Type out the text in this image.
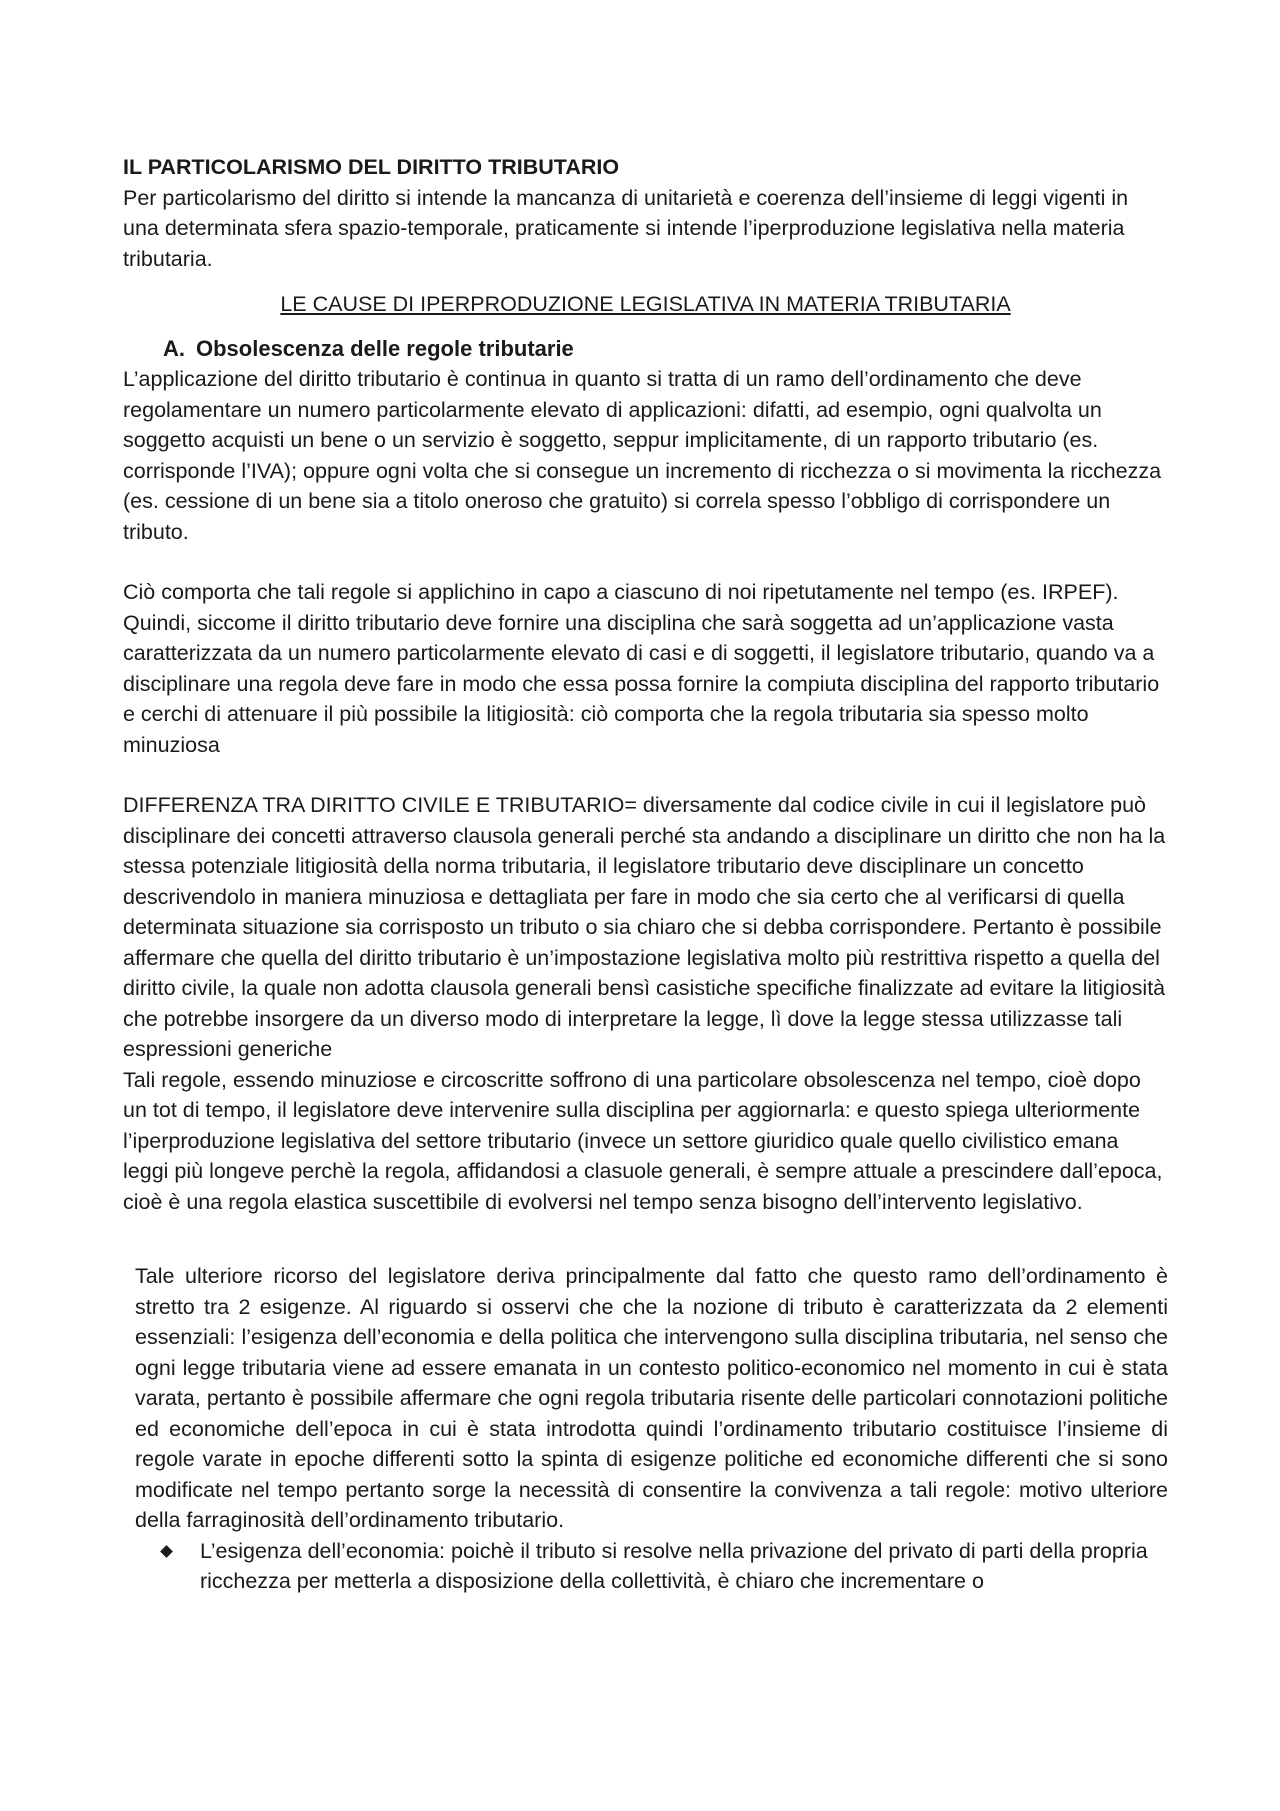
IL PARTICOLARISMO DEL DIRITTO TRIBUTARIO

Per particolarismo del diritto si intende la mancanza di unitarietà e coerenza dell’insieme di leggi vigenti in una determinata sfera spazio-temporale, praticamente si intende l’iperproduzione legislativa nella materia tributaria.

LE CAUSE DI IPERPRODUZIONE LEGISLATIVA IN MATERIA TRIBUTARIA

A. Obsolescenza delle regole tributarie

L’applicazione del diritto tributario è continua in quanto si tratta di un ramo dell’ordinamento che deve regolamentare un numero particolarmente elevato di applicazioni: difatti, ad esempio, ogni qualvolta un soggetto acquisti un bene o un servizio è soggetto, seppur implicitamente, di un rapporto tributario (es. corrisponde l’IVA); oppure ogni volta che si consegue un incremento di ricchezza o si movimenta la ricchezza (es. cessione di un bene sia a titolo oneroso che gratuito) si correla spesso l’obbligo di corrispondere un tributo.

Ciò comporta che tali regole si applichino in capo a ciascuno di noi ripetutamente nel tempo (es. IRPEF). Quindi, siccome il diritto tributario deve fornire una disciplina che sarà soggetta ad un’applicazione vasta caratterizzata da un numero particolarmente elevato di casi e di soggetti, il legislatore tributario, quando va a disciplinare una regola deve fare in modo che essa possa fornire la compiuta disciplina del rapporto tributario e cerchi di attenuare il più possibile la litigiosità: ciò comporta che la regola tributaria sia spesso molto minuziosa

DIFFERENZA TRA DIRITTO CIVILE E TRIBUTARIO= diversamente dal codice civile in cui il legislatore può disciplinare dei concetti attraverso clausola generali perché sta andando a disciplinare un diritto che non ha la stessa potenziale litigiosità della norma tributaria, il legislatore tributario deve disciplinare un concetto descrivendolo in maniera minuziosa e dettagliata per fare in modo che sia certo che al verificarsi di quella determinata situazione sia corrisposto un tributo o sia chiaro che si debba corrispondere. Pertanto è possibile affermare che quella del diritto tributario è un’impostazione legislativa molto più restrittiva rispetto a quella del diritto civile, la quale non adotta clausola generali bensì casistiche specifiche finalizzate ad evitare la litigiosità che potrebbe insorgere da un diverso modo di interpretare la legge, lì dove la legge stessa utilizzasse tali espressioni generiche

Tali regole, essendo minuziose e circoscritte soffrono di una particolare obsolescenza nel tempo, cioè dopo un tot di tempo, il legislatore deve intervenire sulla disciplina per aggiornarla: e questo spiega ulteriormente l’iperproduzione legislativa del settore tributario (invece un settore giuridico quale quello civilistico emana leggi più longeve perchè la regola, affidandosi a clasuole generali, è sempre attuale a prescindere dall’epoca, cioè è una regola elastica suscettibile di evolversi nel tempo senza bisogno dell’intervento legislativo.

Tale ulteriore ricorso del legislatore deriva principalmente dal fatto che questo ramo dell’ordinamento è stretto tra 2 esigenze. Al riguardo si osservi che che la nozione di tributo è caratterizzata da 2 elementi essenziali: l’esigenza dell’economia e della politica che intervengono sulla disciplina tributaria, nel senso che ogni legge tributaria viene ad essere emanata in un contesto politico-economico nel momento in cui è stata varata, pertanto è possibile affermare che ogni regola tributaria risente delle particolari connotazioni politiche ed economiche dell’epoca in cui è stata introdotta quindi l’ordinamento tributario costituisce l’insieme di regole varate in epoche differenti sotto la spinta di esigenze politiche ed economiche differenti che si sono modificate nel tempo pertanto sorge la necessità di consentire la convivenza a tali regole: motivo ulteriore della farraginosità dell’ordinamento tributario.

L’esigenza dell’economia: poichè il tributo si resolve nella privazione del privato di parti della propria ricchezza per metterla a disposizione della collettività, è chiaro che incrementare o
